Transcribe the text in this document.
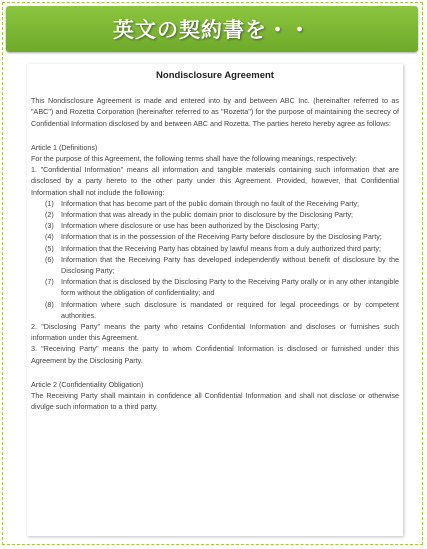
英文の契約書を・・
Nondisclosure Agreement

This Nondisclosure Agreement is made and entered into by and between ABC Inc. (hereinafter referred to as "ABC") and Rozetta Corporation (hereinafter referred to as "Rozetta") for the purpose of maintaining the secrecy of Confidential Information disclosed by and between ABC and Rozetta. The parties hereto hereby agree as follows:

Article 1 (Definitions)

For the purpose of this Agreement, the following terms shall have the following meanings, respectively:

1. "Confidential Information" means all information and tangible materials containing such information that are disclosed by a party hereto to the other party under this Agreement. Provided, however, that Confidential Information shall not include the following:

(1)	Information that has become part of the public domain through no fault of the Receiving Party;
(2)	Information that was already in the public domain prior to disclosure by the Disclosing Party;
(3)	Information where disclosure or use has been authorized by the Disclosing Party;
(4)	Information that is in the possession of the Receiving Party before disclosure by the Disclosing Party;
(5)	Information that the Receiving Party has obtained by lawful means from a duly authorized third party;
(6)	Information that the Receiving Party has developed independently without benefit of disclosure by the Disclosing Party;
(7)	Information that is disclosed by the Disclosing Party to the Receiving Party orally or in any other intangible form without the obligation of confidentiality; and
(8)	Information where such disclosure is mandated or required for legal proceedings or by competent authorities.

2. "Disclosing Party" means the party who retains Confidential Information and discloses or furnishes such information under this Agreement.

3. "Receiving Party" means the party to whom Confidential Information is disclosed or furnished under this Agreement by the Disclosing Party.

Article 2 (Confidentiality Obligation)

The Receiving Party shall maintain in confidence all Confidential Information and shall not disclose or otherwise divulge such information to a third party.
